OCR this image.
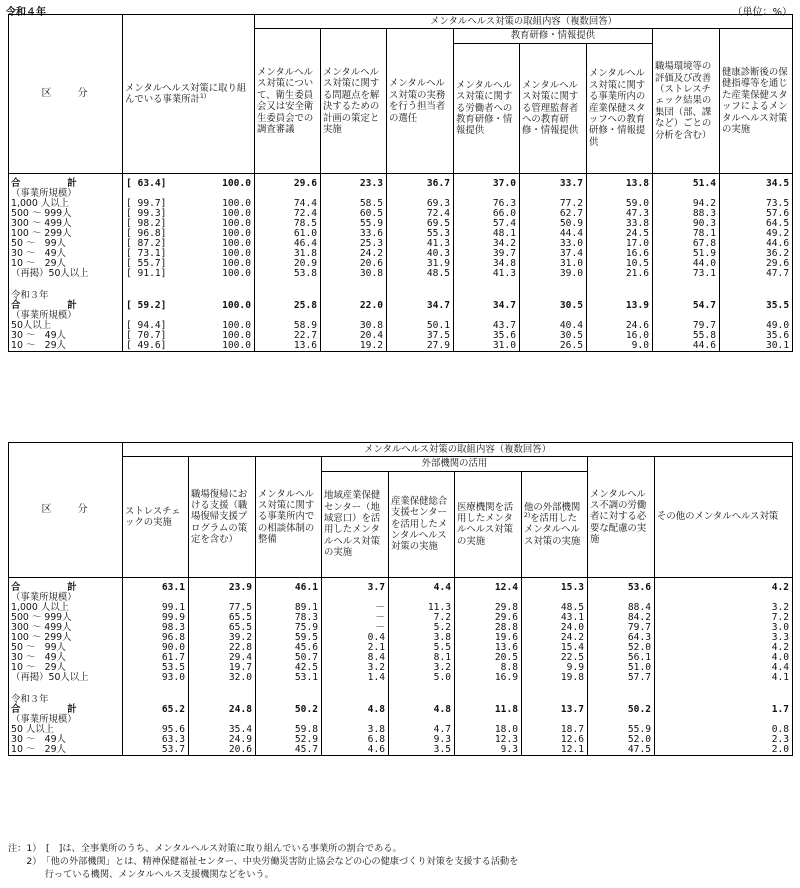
令和４年	（単位：%）
区　　分	メンタルヘルス対策に取り組んでいる事業所計$^{1)}$		メンタルヘルス対策の取組内容（複数回答）							
			メンタルヘルス対策について、衛生委員会又は安全衛生委員会での調査審議	メンタルヘルス対策に関する問題点を解決するための計画の策定と実施	メンタルヘルス対策の実務を行う担当者の選任	教育研修・情報提供			職場環境等の評価及び改善（ストレスチェック結果の集団（部、課など）ごとの分析を含む）	健康診断後の保健指導等を通じた産業保健スタッフによるメンタルヘルス対策の実施
						メンタルヘルス対策に関する労働者への教育研修・情報提供	メンタルヘルス対策に関する管理監督者への教育研修・情報提供	メンタルヘルス対策に関する事業所内の産業保健スタッフへの教育研修・情報提供		
合　　　　　計	[ 63.4]	100.0	29.6	23.3	36.7	37.0	33.7	13.8	51.4	34.5
（事業所規模）										
1,000 人以上	[ 99.7]	100.0	74.4	58.5	69.3	76.3	77.2	59.0	94.2	73.5
500 ～ 999人	[ 99.3]	100.0	72.4	60.5	72.4	66.0	62.7	47.3	88.3	57.6
300 ～ 499人	[ 98.2]	100.0	78.5	55.9	69.5	57.4	50.9	33.8	90.3	64.5
100 ～ 299人	[ 96.8]	100.0	61.0	33.6	55.3	48.1	44.4	24.5	78.1	49.2
50 ～　99人	[ 87.2]	100.0	46.4	25.3	41.3	34.2	33.0	17.0	67.8	44.6
30 ～　49人	[ 73.1]	100.0	31.8	24.2	40.3	39.7	37.4	16.6	51.9	36.2
10 ～　29人	[ 55.7]	100.0	20.9	20.6	31.9	34.8	31.0	10.5	44.0	29.6
（再掲）50人以上	[ 91.1]	100.0	53.8	30.8	48.5	41.3	39.0	21.6	73.1	47.7

令和３年										
合　　　　　計	[ 59.2]	100.0	25.8	22.0	34.7	34.7	30.5	13.9	54.7	35.5
（事業所規模）										
50人以上	[ 94.4]	100.0	58.9	30.8	50.1	43.7	40.4	24.6	79.7	49.0
30 ～　49人	[ 70.7]	100.0	22.7	20.4	37.5	35.6	30.5	16.0	55.8	35.6
10 ～　29人	[ 49.6]	100.0	13.6	19.2	27.9	31.0	26.5	9.0	44.6	30.1
区　　分	メンタルヘルス対策の取組内容（複数回答）								
	ストレスチェックの実施	職場復帰における支援（職場復帰支援プログラムの策定を含む）	メンタルヘルス対策に関する事業所内での相談体制の整備	外部機関の活用				メンタルヘルス不調の労働者に対する必要な配慮の実施	その他のメンタルヘルス対策
				地域産業保健センター（地域窓口）を活用したメンタルヘルス対策の実施	産業保健総合支援センターを活用したメンタルヘルス対策の実施	医療機関を活用したメンタルヘルス対策の実施	他の外部機関$^{2)}$を活用したメンタルヘルス対策の実施		
合　　　　　計	63.1	23.9	46.1	3.7	4.4	12.4	15.3	53.6	4.2
（事業所規模）									
1,000 人以上	99.1	77.5	89.1	－	11.3	29.8	48.5	88.4	3.2
500 ～ 999人	99.9	65.5	78.3	－	7.2	29.6	43.1	84.2	7.2
300 ～ 499人	98.3	65.5	75.9	－	5.2	28.8	24.0	79.7	3.0
100 ～ 299人	96.8	39.2	59.5	0.4	3.8	19.6	24.2	64.3	3.3
50 ～　99人	90.0	22.8	45.6	2.1	5.5	13.6	15.4	52.0	4.2
30 ～　49人	61.7	29.4	50.7	8.4	8.1	20.5	22.5	56.1	4.0
10 ～　29人	53.5	19.7	42.5	3.2	3.2	8.8	9.9	51.0	4.4
（再掲）50人以上	93.0	32.0	53.1	1.4	5.0	16.9	19.8	57.7	4.1

令和３年									
合　　　　　計	65.2	24.8	50.2	4.8	4.8	11.8	13.7	50.2	1.7
（事業所規模）									
50 人以上	95.6	35.4	59.8	3.8	4.7	18.0	18.7	55.9	0.8
30 ～　49人	63.3	24.9	52.9	6.8	9.3	12.3	12.6	52.0	2.3
10 ～　29人	53.7	20.6	45.7	4.6	3.5	9.3	12.1	47.5	2.0
注：1）　[　]は、全事業所のうち、メンタルヘルス対策に取り組んでいる事業所の割合である。
　　2）　「他の外部機関」とは、精神保健福祉センター、中央労働災害防止協会などの心の健康づくり対策を支援する活動を
　　　　行っている機関、メンタルヘルス支援機関などをいう。
